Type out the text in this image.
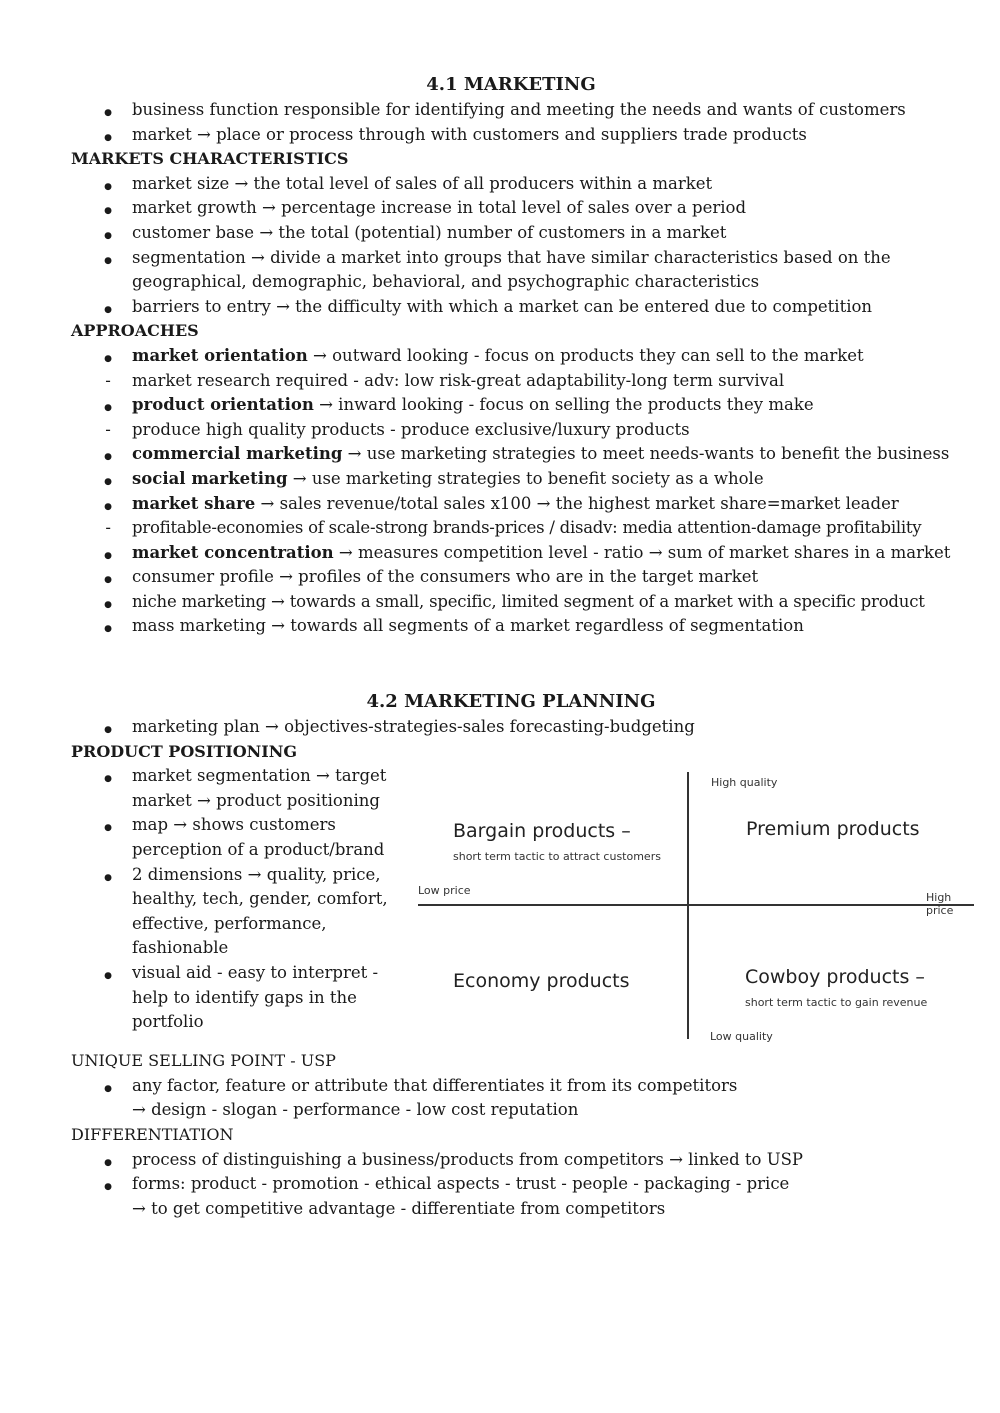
4.1 MARKETING
●
business function responsible for identifying and meeting the needs and wants of customers
●
market → place or process through with customers and suppliers trade products
MARKETS CHARACTERISTICS
●
market size → the total level of sales of all producers within a market
●
market growth → percentage increase in total level of sales over a period
●
customer base → the total (potential) number of customers in a market
●
segmentation → divide a market into groups that have similar characteristics based on the geographical, demographic, behavioral, and psychographic characteristics
●
barriers to entry → the difficulty with which a market can be entered due to competition
APPROACHES
●
market orientation → outward looking - focus on products they can sell to the market
-
market research required - adv: low risk-great adaptability-long term survival
●
product orientation → inward looking - focus on selling the products they make
-
produce high quality products - produce exclusive/luxury products
●
commercial marketing → use marketing strategies to meet needs-wants to benefit the business
●
social marketing → use marketing strategies to benefit society as a whole
●
market share → sales revenue/total sales x100 → the highest market share=market leader
-
profitable-economies of scale-strong brands-prices / disadv: media attention-damage profitability
●
market concentration → measures competition level - ratio → sum of market shares in a market
●
consumer profile → profiles of the consumers who are in the target market
●
niche marketing → towards a small, specific, limited segment of a market with a specific product
●
mass marketing → towards all segments of a market regardless of segmentation
4.2 MARKETING PLANNING
●
marketing plan → objectives-strategies-sales forecasting-budgeting
PRODUCT POSITIONING
●
market segmentation → target market → product positioning
●
map → shows customers perception of a product/brand
●
2 dimensions → quality, price, healthy, tech, gender, comfort, effective, performance, fashionable
●
visual aid - easy to interpret - help to identify gaps in the portfolio
High quality
Low quality
Low price
High price
Bargain products –
short term tactic to attract customers
Premium products
Economy products	Cowboy products –
short term tactic to gain revenue
UNIQUE SELLING POINT - USP
●
any factor, feature or attribute that differentiates it from its competitors
→ design - slogan - performance - low cost reputation
DIFFERENTIATION
●
process of distinguishing a business/products from competitors → linked to USP
●
forms: product - promotion - ethical aspects - trust - people - packaging - price
→ to get competitive advantage - differentiate from competitors
